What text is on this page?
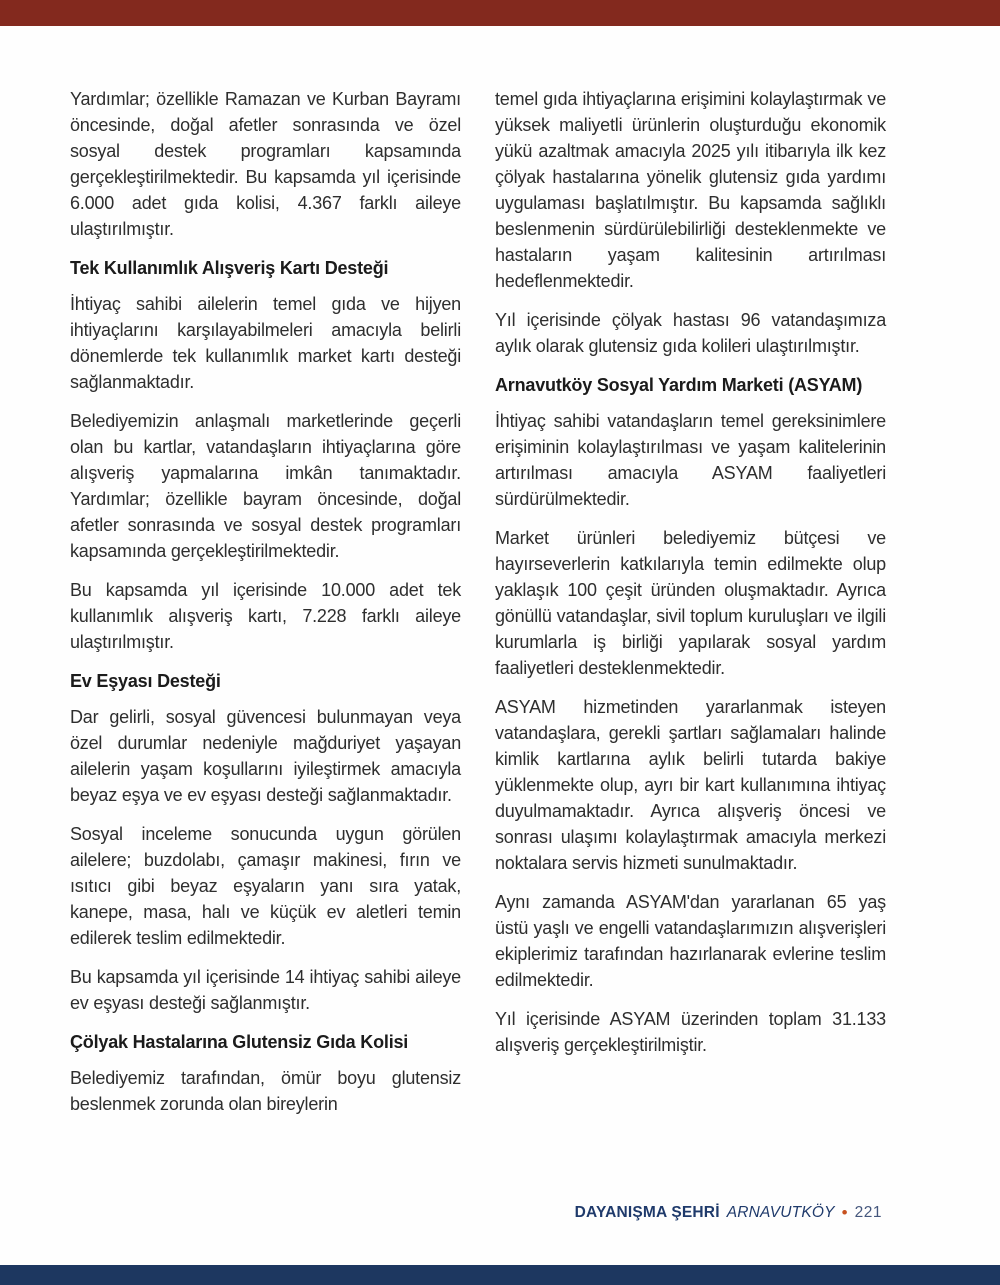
Yardımlar; özellikle Ramazan ve Kurban Bayramı öncesinde, doğal afetler sonrasında ve özel sosyal destek programları kapsamında gerçekleştirilmektedir. Bu kapsamda yıl içerisinde 6.000 adet gıda kolisi, 4.367 farklı aileye ulaştırılmıştır.

Tek Kullanımlık Alışveriş Kartı Desteği

İhtiyaç sahibi ailelerin temel gıda ve hijyen ihtiyaçlarını karşılayabilmeleri amacıyla belirli dönemlerde tek kullanımlık market kartı desteği sağlanmaktadır.

Belediyemizin anlaşmalı marketlerinde geçerli olan bu kartlar, vatandaşların ihtiyaçlarına göre alışveriş yapmalarına imkân tanımaktadır. Yardımlar; özellikle bayram öncesinde, doğal afetler sonrasında ve sosyal destek programları kapsamında gerçekleştirilmektedir.

Bu kapsamda yıl içerisinde 10.000 adet tek kullanımlık alışveriş kartı, 7.228 farklı aileye ulaştırılmıştır.

Ev Eşyası Desteği

Dar gelirli, sosyal güvencesi bulunmayan veya özel durumlar nedeniyle mağduriyet yaşayan ailelerin yaşam koşullarını iyileştirmek amacıyla beyaz eşya ve ev eşyası desteği sağlanmaktadır.

Sosyal inceleme sonucunda uygun görülen ailelere; buzdolabı, çamaşır makinesi, fırın ve ısıtıcı gibi beyaz eşyaların yanı sıra yatak, kanepe, masa, halı ve küçük ev aletleri temin edilerek teslim edilmektedir.

Bu kapsamda yıl içerisinde 14 ihtiyaç sahibi aileye ev eşyası desteği sağlanmıştır.

Çölyak Hastalarına Glutensiz Gıda Kolisi

Belediyemiz tarafından, ömür boyu glutensiz beslenmek zorunda olan bireylerin

temel gıda ihtiyaçlarına erişimini kolaylaştırmak ve yüksek maliyetli ürünlerin oluşturduğu ekonomik yükü azaltmak amacıyla 2025 yılı itibarıyla ilk kez çölyak hastalarına yönelik glutensiz gıda yardımı uygulaması başlatılmıştır. Bu kapsamda sağlıklı beslenmenin sürdürülebilirliği desteklenmekte ve hastaların yaşam kalitesinin artırılması hedeflenmektedir.

Yıl içerisinde çölyak hastası 96 vatandaşımıza aylık olarak glutensiz gıda kolileri ulaştırılmıştır.

Arnavutköy Sosyal Yardım Marketi (ASYAM)

İhtiyaç sahibi vatandaşların temel gereksinimlere erişiminin kolaylaştırılması ve yaşam kalitelerinin artırılması amacıyla ASYAM faaliyetleri sürdürülmektedir.

Market ürünleri belediyemiz bütçesi ve hayırseverlerin katkılarıyla temin edilmekte olup yaklaşık 100 çeşit üründen oluşmaktadır. Ayrıca gönüllü vatandaşlar, sivil toplum kuruluşları ve ilgili kurumlarla iş birliği yapılarak sosyal yardım faaliyetleri desteklenmektedir.

ASYAM hizmetinden yararlanmak isteyen vatandaşlara, gerekli şartları sağlamaları halinde kimlik kartlarına aylık belirli tutarda bakiye yüklenmekte olup, ayrı bir kart kullanımına ihtiyaç duyulmamaktadır. Ayrıca alışveriş öncesi ve sonrası ulaşımı kolaylaştırmak amacıyla merkezi noktalara servis hizmeti sunulmaktadır.

Aynı zamanda ASYAM'dan yararlanan 65 yaş üstü yaşlı ve engelli vatandaşlarımızın alışverişleri ekiplerimiz tarafından hazırlanarak evlerine teslim edilmektedir.

Yıl içerisinde ASYAM üzerinden toplam 31.133 alışveriş gerçekleştirilmiştir.

DAYANIŞMA ŞEHRİ ARNAVUTKÖY • 221
